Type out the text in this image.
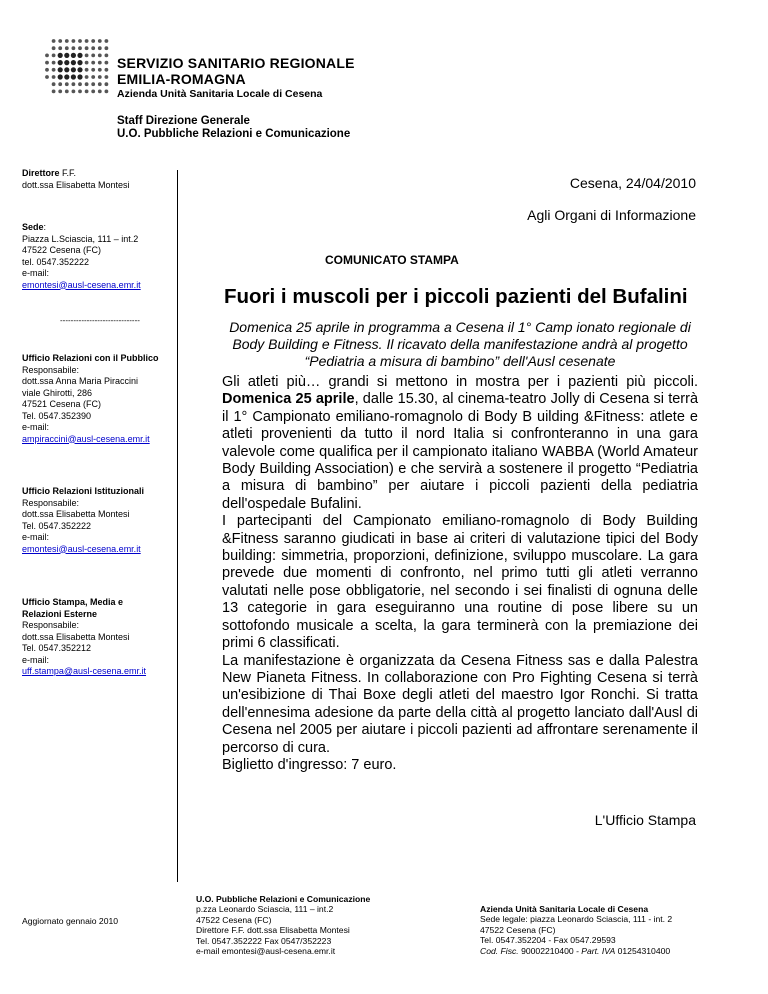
SERVIZIO SANITARIO REGIONALE
EMILIA-ROMAGNA
Azienda Unità Sanitaria Locale di Cesena
Staff Direzione Generale
U.O. Pubbliche Relazioni e Comunicazione
Direttore F.F.
dott.ssa Elisabetta Montesi
Sede:
Piazza L.Sciascia, 111 – int.2
47522 Cesena (FC)
tel. 0547.352222
e-mail:
emontesi@ausl-cesena.emr.it
------------------------------
Ufficio Relazioni con il Pubblico
Responsabile:
dott.ssa Anna Maria Piraccini
viale Ghirotti, 286
47521 Cesena (FC)
Tel. 0547.352390
e-mail:
ampiraccini@ausl-cesena.emr.it
Ufficio Relazioni Istituzionali
Responsabile:
dott.ssa Elisabetta Montesi
Tel. 0547.352222
e-mail:
emontesi@ausl-cesena.emr.it
Ufficio Stampa, Media e
Relazioni Esterne
Responsabile:
dott.ssa Elisabetta Montesi
Tel. 0547.352212
e-mail:
uff.stampa@ausl-cesena.emr.it
Cesena, 24/04/2010
Agli Organi di Informazione
COMUNICATO STAMPA
Fuori i muscoli per i piccoli pazienti del Bufalini
Domenica 25 aprile in programma a Cesena il 1° Camp ionato regionale di Body Building e Fitness. Il ricavato della manifestazione andrà al progetto “Pediatria a misura di bambino” dell'Ausl cesenate

Gli atleti più… grandi si mettono in mostra per i pazienti più piccoli. Domenica 25 aprile, dalle 15.30, al cinema-teatro Jolly di Cesena si terrà il 1° Campionato emiliano-romagnolo di Body B uilding &Fitness: atlete e atleti provenienti da tutto il nord Italia si confronteranno in una gara valevole come qualifica per il campionato italiano WABBA (World Amateur Body Building Association) e che servirà a sostenere il progetto “Pediatria a misura di bambino” per aiutare i piccoli pazienti della pediatria dell'ospedale Bufalini.

I partecipanti del Campionato emiliano-romagnolo di Body Building &Fitness saranno giudicati in base ai criteri di valutazione tipici del Body building: simmetria, proporzioni, definizione, sviluppo muscolare. La gara prevede due momenti di confronto, nel primo tutti gli atleti verranno valutati nelle pose obbligatorie, nel secondo i sei finalisti di ognuna delle 13 categorie in gara eseguiranno una routine di pose libere su un sottofondo musicale a scelta, la gara terminerà con la premiazione dei primi 6 classificati.

La manifestazione è organizzata da Cesena Fitness sas e dalla Palestra New Pianeta Fitness. In collaborazione con Pro Fighting Cesena si terrà un'esibizione di Thai Boxe degli atleti del maestro Igor Ronchi. Si tratta dell'ennesima adesione da parte della città al progetto lanciato dall'Ausl di Cesena nel 2005 per aiutare i piccoli pazienti ad affrontare serenamente il percorso di cura.

Biglietto d'ingresso: 7 euro.

L'Ufficio Stampa
Aggiornato gennaio 2010
U.O. Pubbliche Relazioni e Comunicazione
p.zza Leonardo Sciascia, 111 – int.2
47522 Cesena (FC)
Direttore F.F. dott.ssa Elisabetta Montesi
Tel. 0547.352222 Fax 0547/352223
e-mail emontesi@ausl-cesena.emr.it
Azienda Unità Sanitaria Locale di Cesena
Sede legale: piazza Leonardo Sciascia, 111 - int. 2
47522 Cesena (FC)
Tel. 0547.352204 - Fax 0547.29593
Cod. Fisc. 90002210400 - Part. IVA 01254310400
